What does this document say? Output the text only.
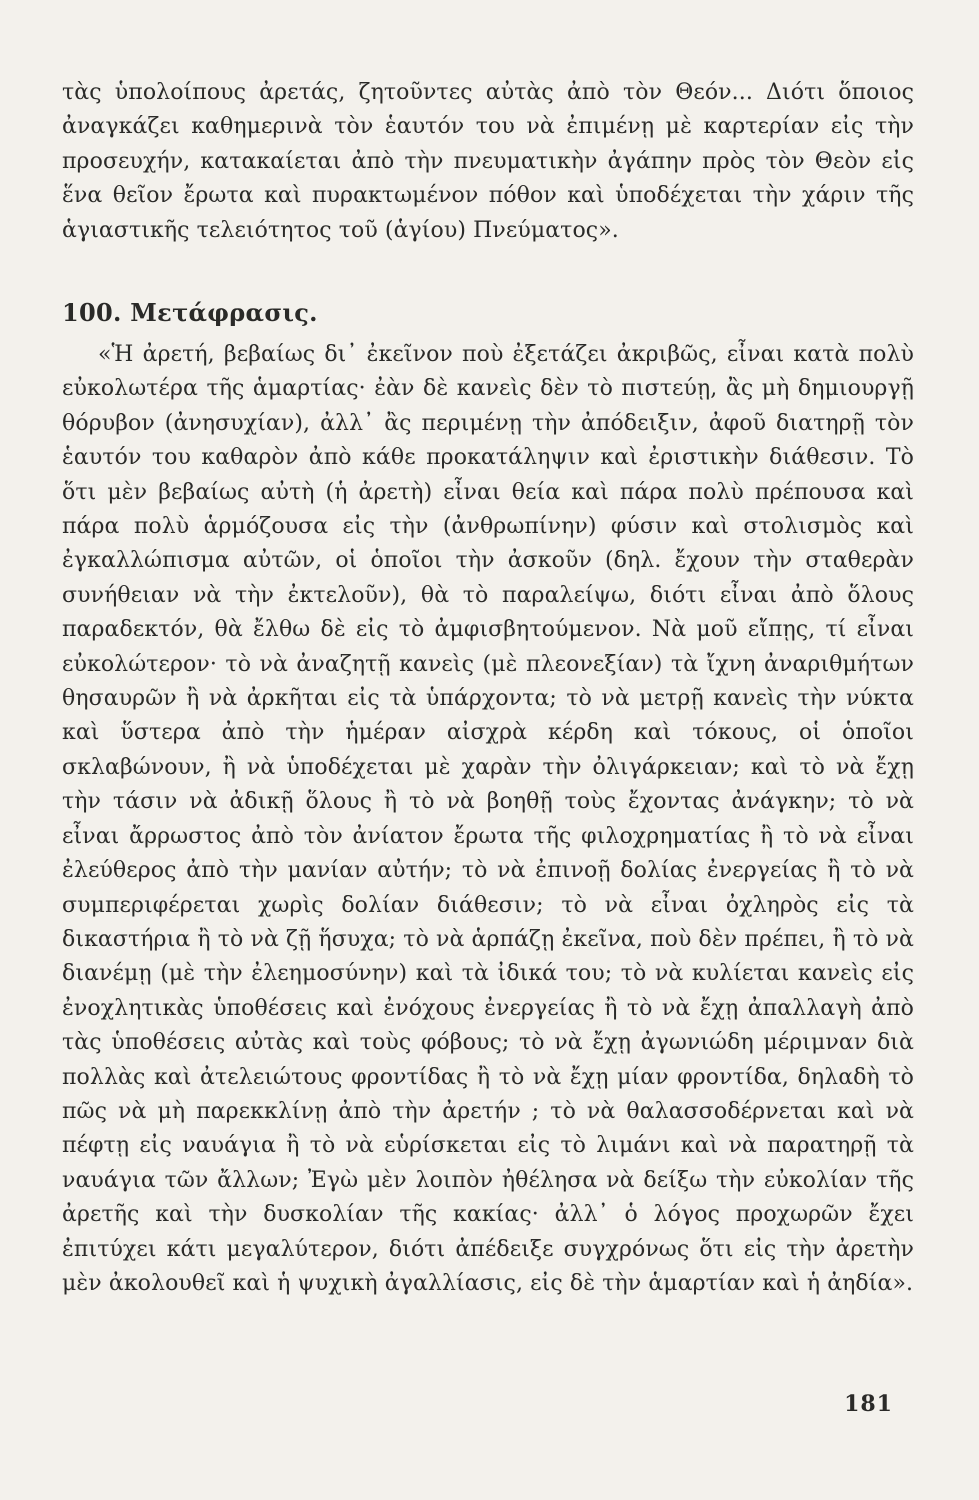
τὰς ὑπολοίπους ἀρετάς, ζητοῦντες αὐτὰς ἀπὸ τὸν Θεόν... Διότι ὅποιος ἀναγκάζει καθημερινὰ τὸν ἑαυτόν του νὰ ἐπιμένῃ μὲ καρτερίαν εἰς τὴν προσευχήν, κατακαίεται ἀπὸ τὴν πνευματικὴν ἀγάπην πρὸς τὸν Θεὸν εἰς ἕνα θεῖον ἔρωτα καὶ πυρακτωμένον πόθον καὶ ὑποδέχεται τὴν χάριν τῆς ἁγιαστικῆς τελειότητος τοῦ (ἁγίου) Πνεύματος».

100. Μετάφρασις.

«Ἡ ἀρετή, βεβαίως δι᾽ ἐκεῖνον ποὺ ἐξετάζει ἀκριβῶς, εἶναι κατὰ πολὺ εὐκολωτέρα τῆς ἁμαρτίας· ἐὰν δὲ κανεὶς δὲν τὸ πιστεύῃ, ἂς μὴ δημιουργῇ θόρυβον (ἀνησυχίαν), ἀλλ᾽ ἂς περιμένῃ τὴν ἀπόδειξιν, ἀφοῦ διατηρῇ τὸν ἑαυτόν του καθαρὸν ἀπὸ κάθε προκατάληψιν καὶ ἐριστικὴν διάθεσιν. Τὸ ὅτι μὲν βεβαίως αὐτὴ (ἡ ἀρετὴ) εἶναι θεία καὶ πάρα πολὺ πρέπουσα καὶ πάρα πολὺ ἁρμόζουσα εἰς τὴν (ἀνθρωπίνην) φύσιν καὶ στολισμὸς καὶ ἐγκαλλώπισμα αὐτῶν, οἱ ὁποῖοι τὴν ἀσκοῦν (δηλ. ἔχουν τὴν σταθερὰν συνήθειαν νὰ τὴν ἐκτελοῦν), θὰ τὸ παραλείψω, διότι εἶναι ἀπὸ ὅλους παραδεκτόν, θὰ ἔλθω δὲ εἰς τὸ ἀμφισβητούμενον. Νὰ μοῦ εἴπῃς, τί εἶναι εὐκολώτερον· τὸ νὰ ἀναζητῇ κανεὶς (μὲ πλεονεξίαν) τὰ ἴχνη ἀναριθμήτων θησαυρῶν ἢ νὰ ἀρκῆται εἰς τὰ ὑπάρχοντα; τὸ νὰ μετρῇ κανεὶς τὴν νύκτα καὶ ὕστερα ἀπὸ τὴν ἡμέραν αἰσχρὰ κέρδη καὶ τόκους, οἱ ὁποῖοι σκλαβώνουν, ἢ νὰ ὑποδέχεται μὲ χαρὰν τὴν ὀλιγάρκειαν; καὶ τὸ νὰ ἔχῃ τὴν τάσιν νὰ ἀδικῇ ὅλους ἢ τὸ νὰ βοηθῇ τοὺς ἔχοντας ἀνάγκην; τὸ νὰ εἶναι ἄρρωστος ἀπὸ τὸν ἀνίατον ἔρωτα τῆς φιλοχρηματίας ἢ τὸ νὰ εἶναι ἐλεύθερος ἀπὸ τὴν μανίαν αὐτήν; τὸ νὰ ἐπινοῇ δολίας ἐνεργείας ἢ τὸ νὰ συμπεριφέρεται χωρὶς δολίαν διάθεσιν; τὸ νὰ εἶναι ὀχληρὸς εἰς τὰ δικαστήρια ἢ τὸ νὰ ζῇ ἥσυχα; τὸ νὰ ἁρπάζῃ ἐκεῖνα, ποὺ δὲν πρέπει, ἢ τὸ νὰ διανέμῃ (μὲ τὴν ἐλεημοσύνην) καὶ τὰ ἰδικά του; τὸ νὰ κυλίεται κανεὶς εἰς ἐνοχλητικὰς ὑποθέσεις καὶ ἐνόχους ἐνεργείας ἢ τὸ νὰ ἔχῃ ἀπαλλαγὴ ἀπὸ τὰς ὑποθέσεις αὐτὰς καὶ τοὺς φόβους; τὸ νὰ ἔχῃ ἀγωνιώδη μέριμναν διὰ πολλὰς καὶ ἀτελειώτους φροντίδας ἢ τὸ νὰ ἔχῃ μίαν φροντίδα, δηλαδὴ τὸ πῶς νὰ μὴ παρεκκλίνῃ ἀπὸ τὴν ἀρετήν ; τὸ νὰ θαλασσοδέρνεται καὶ νὰ πέφτῃ εἰς ναυάγια ἢ τὸ νὰ εὑρίσκεται εἰς τὸ λιμάνι καὶ νὰ παρατηρῇ τὰ ναυάγια τῶν ἄλλων; Ἐγὼ μὲν λοιπὸν ἠθέλησα νὰ δείξω τὴν εὐκολίαν τῆς ἀρετῆς καὶ τὴν δυσκολίαν τῆς κακίας· ἀλλ᾽ ὁ λόγος προχωρῶν ἔχει ἐπιτύχει κάτι μεγαλύτερον, διότι ἀπέδειξε συγχρόνως ὅτι εἰς τὴν ἀρετὴν μὲν ἀκολουθεῖ καὶ ἡ ψυχικὴ ἀγαλλίασις, εἰς δὲ τὴν ἁμαρτίαν καὶ ἡ ἀηδία».

181
